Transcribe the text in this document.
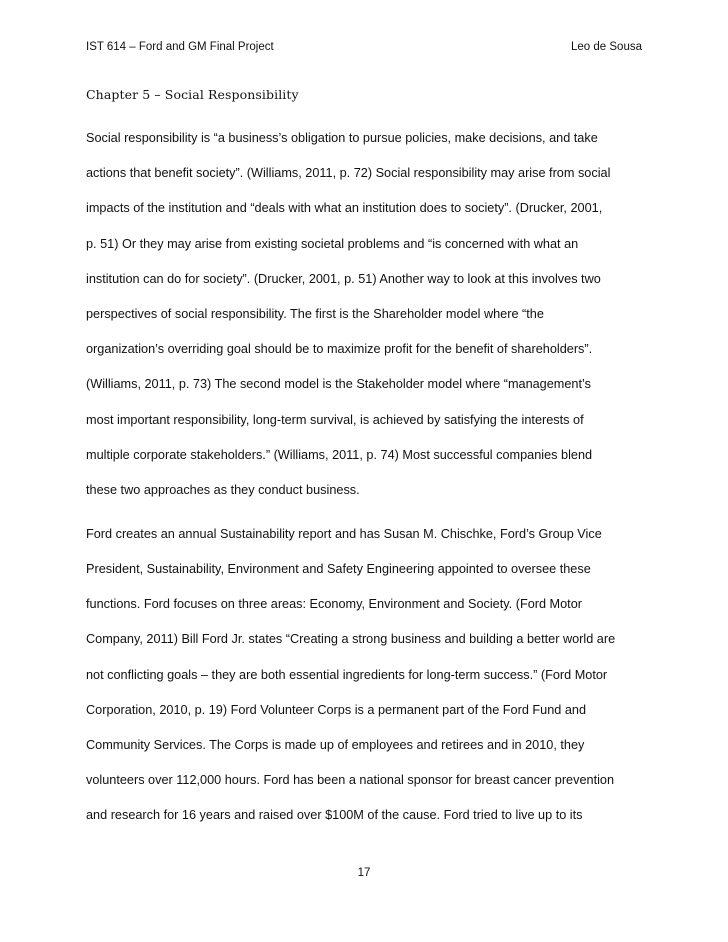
IST 614 – Ford and GM Final Project	Leo de Sousa
Chapter 5 – Social Responsibility
Social responsibility is “a business’s obligation to pursue policies, make decisions, and take
actions that benefit society”. (Williams, 2011, p. 72) Social responsibility may arise from social
impacts of the institution and “deals with what an institution does to society”. (Drucker, 2001,
p. 51) Or they may arise from existing societal problems and “is concerned with what an
institution can do for society”. (Drucker, 2001, p. 51) Another way to look at this involves two
perspectives of social responsibility. The first is the Shareholder model where “the
organization’s overriding goal should be to maximize profit for the benefit of shareholders”.
(Williams, 2011, p. 73) The second model is the Stakeholder model where “management’s
most important responsibility, long-term survival, is achieved by satisfying the interests of
multiple corporate stakeholders.” (Williams, 2011, p. 74) Most successful companies blend
these two approaches as they conduct business.
Ford creates an annual Sustainability report and has Susan M. Chischke, Ford’s Group Vice
President, Sustainability, Environment and Safety Engineering appointed to oversee these
functions. Ford focuses on three areas: Economy, Environment and Society. (Ford Motor
Company, 2011) Bill Ford Jr. states “Creating a strong business and building a better world are
not conflicting goals – they are both essential ingredients for long-term success.” (Ford Motor
Corporation, 2010, p. 19) Ford Volunteer Corps is a permanent part of the Ford Fund and
Community Services. The Corps is made up of employees and retirees and in 2010, they
volunteers over 112,000 hours. Ford has been a national sponsor for breast cancer prevention
and research for 16 years and raised over $100M of the cause. Ford tried to live up to its
17
